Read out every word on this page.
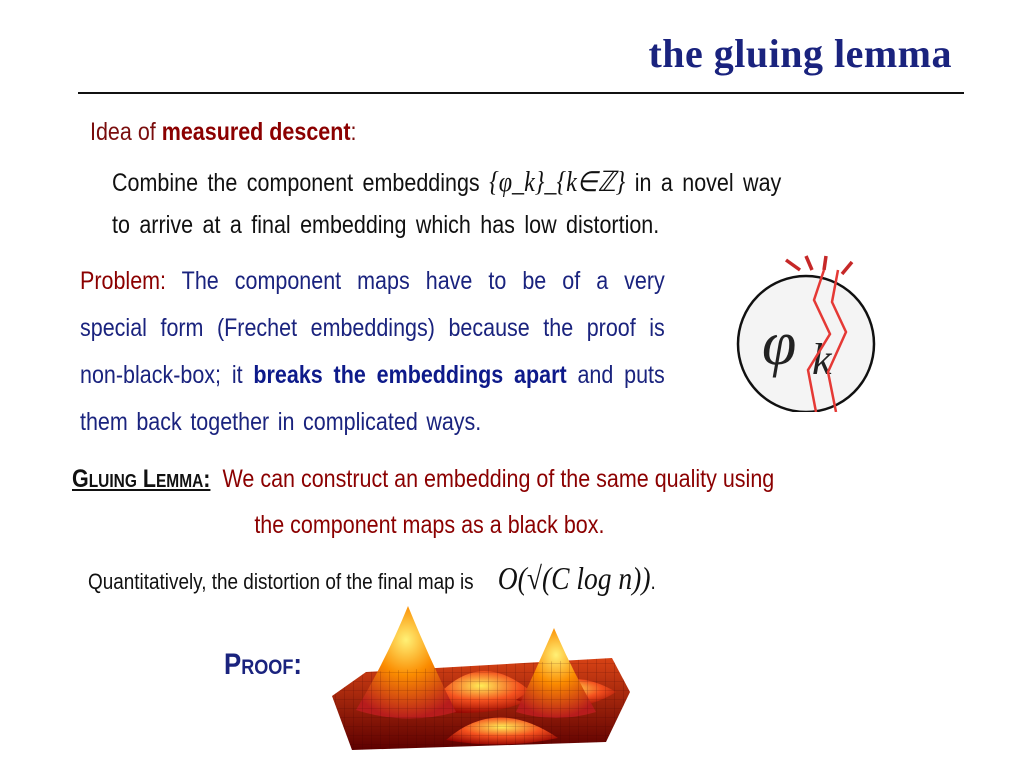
the gluing lemma
Idea of measured descent:
Combine the component embeddings {φ_k}_{k∈ℤ} in a novel way
to arrive at a final embedding which has low distortion.
Problem: The component maps have to be of a very special form (Frechet embeddings) because the proof is non-black-box; it breaks the embeddings apart and puts them back together in complicated ways.
φ k
Gluing Lemma: We can construct an embedding of the same quality using
the component maps as a black box.
Quantitatively, the distortion of the final map is O(√(C log n)).
Proof:
